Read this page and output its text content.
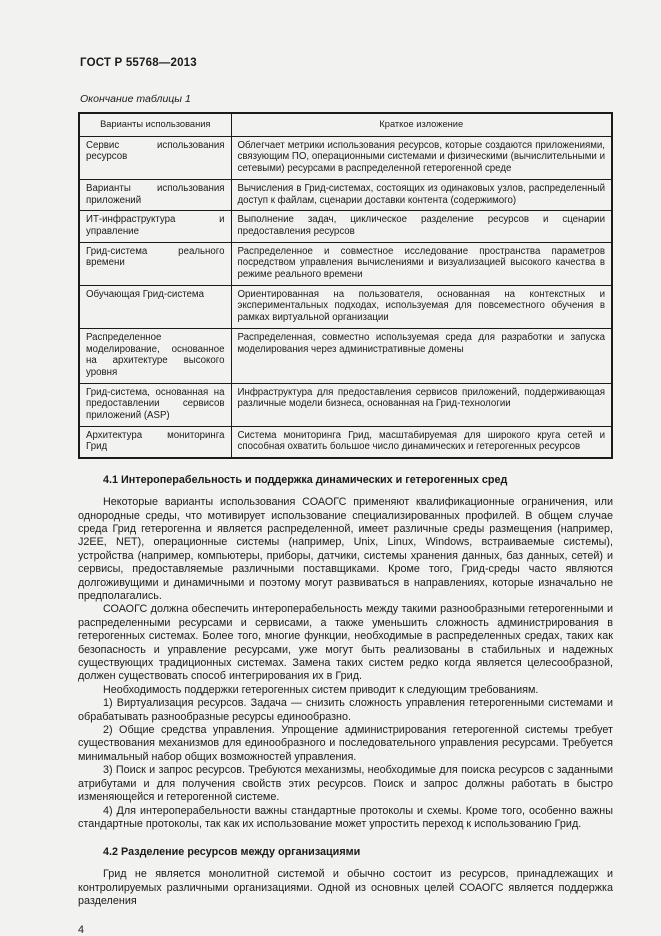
ГОСТ Р 55768—2013
Окончание таблицы 1
Варианты использования	Краткое изложение
Сервис использования ресурсов	Облегчает метрики использования ресурсов, которые создаются приложениями, связующим ПО, операционными системами и физическими (вычислительными и сетевыми) ресурсами в распределенной гетерогенной среде
Варианты использования приложений	Вычисления в Грид-системах, состоящих из одинаковых узлов, распределенный доступ к файлам, сценарии доставки контента (содержимого)
ИТ-инфраструктура и управление	Выполнение задач, циклическое разделение ресурсов и сценарии предоставления ресурсов
Грид-система реального времени	Распределенное и совместное исследование пространства параметров посредством управления вычислениями и визуализацией высокого качества в режиме реального времени
Обучающая Грид-система	Ориентированная на пользователя, основанная на контекстных и экспериментальных подходах, используемая для повсеместного обучения в рамках виртуальной организации
Распределенное моделирование, основанное на архитектуре высокого уровня	Распределенная, совместно используемая среда для разработки и запуска моделирования через административные домены
Грид-система, основанная на предоставлении сервисов приложений (ASP)	Инфраструктура для предоставления сервисов приложений, поддерживающая различные модели бизнеса, основанная на Грид-технологии
Архитектура мониторинга Грид	Система мониторинга Грид, масштабируемая для широкого круга сетей и способная охватить большое число динамических и гетерогенных ресурсов
4.1 Интероперабельность и поддержка динамических и гетерогенных сред

Некоторые варианты использования СОАОГС применяют квалификационные ограничения, или однородные среды, что мотивирует использование специализированных профилей. В общем случае среда Грид гетерогенна и является распределенной, имеет различные среды размещения (например, J2EE, NET), операционные системы (например, Unix, Linux, Windows, встраиваемые системы), устройства (например, компьютеры, приборы, датчики, системы хранения данных, баз данных, сетей) и сервисы, предоставляемые различными поставщиками. Кроме того, Грид-среды часто являются долгоживущими и динамичными и поэтому могут развиваться в направлениях, которые изначально не предполагались.

СОАОГС должна обеспечить интероперабельность между такими разнообразными гетерогенными и распределенными ресурсами и сервисами, а также уменьшить сложность администрирования в гетерогенных системах. Более того, многие функции, необходимые в распределенных средах, таких как безопасность и управление ресурсами, уже могут быть реализованы в стабильных и надежных существующих традиционных системах. Замена таких систем редко когда является целесообразной, должен существовать способ интегрирования их в Грид.

Необходимость поддержки гетерогенных систем приводит к следующим требованиям.

1) Виртуализация ресурсов. Задача — снизить сложность управления гетерогенными системами и обрабатывать разнообразные ресурсы единообразно.

2) Общие средства управления. Упрощение администрирования гетерогенной системы требует существования механизмов для единообразного и последовательного управления ресурсами. Требуется минимальный набор общих возможностей управления.

3) Поиск и запрос ресурсов. Требуются механизмы, необходимые для поиска ресурсов с заданными атрибутами и для получения свойств этих ресурсов. Поиск и запрос должны работать в быстро изменяющейся и гетерогенной системе.

4) Для интероперабельности важны стандартные протоколы и схемы. Кроме того, особенно важны стандартные протоколы, так как их использование может упростить переход к использованию Грид.

4.2 Разделение ресурсов между организациями

Грид не является монолитной системой и обычно состоит из ресурсов, принадлежащих и контролируемых различными организациями. Одной из основных целей СОАОГС является поддержка разделения

4
